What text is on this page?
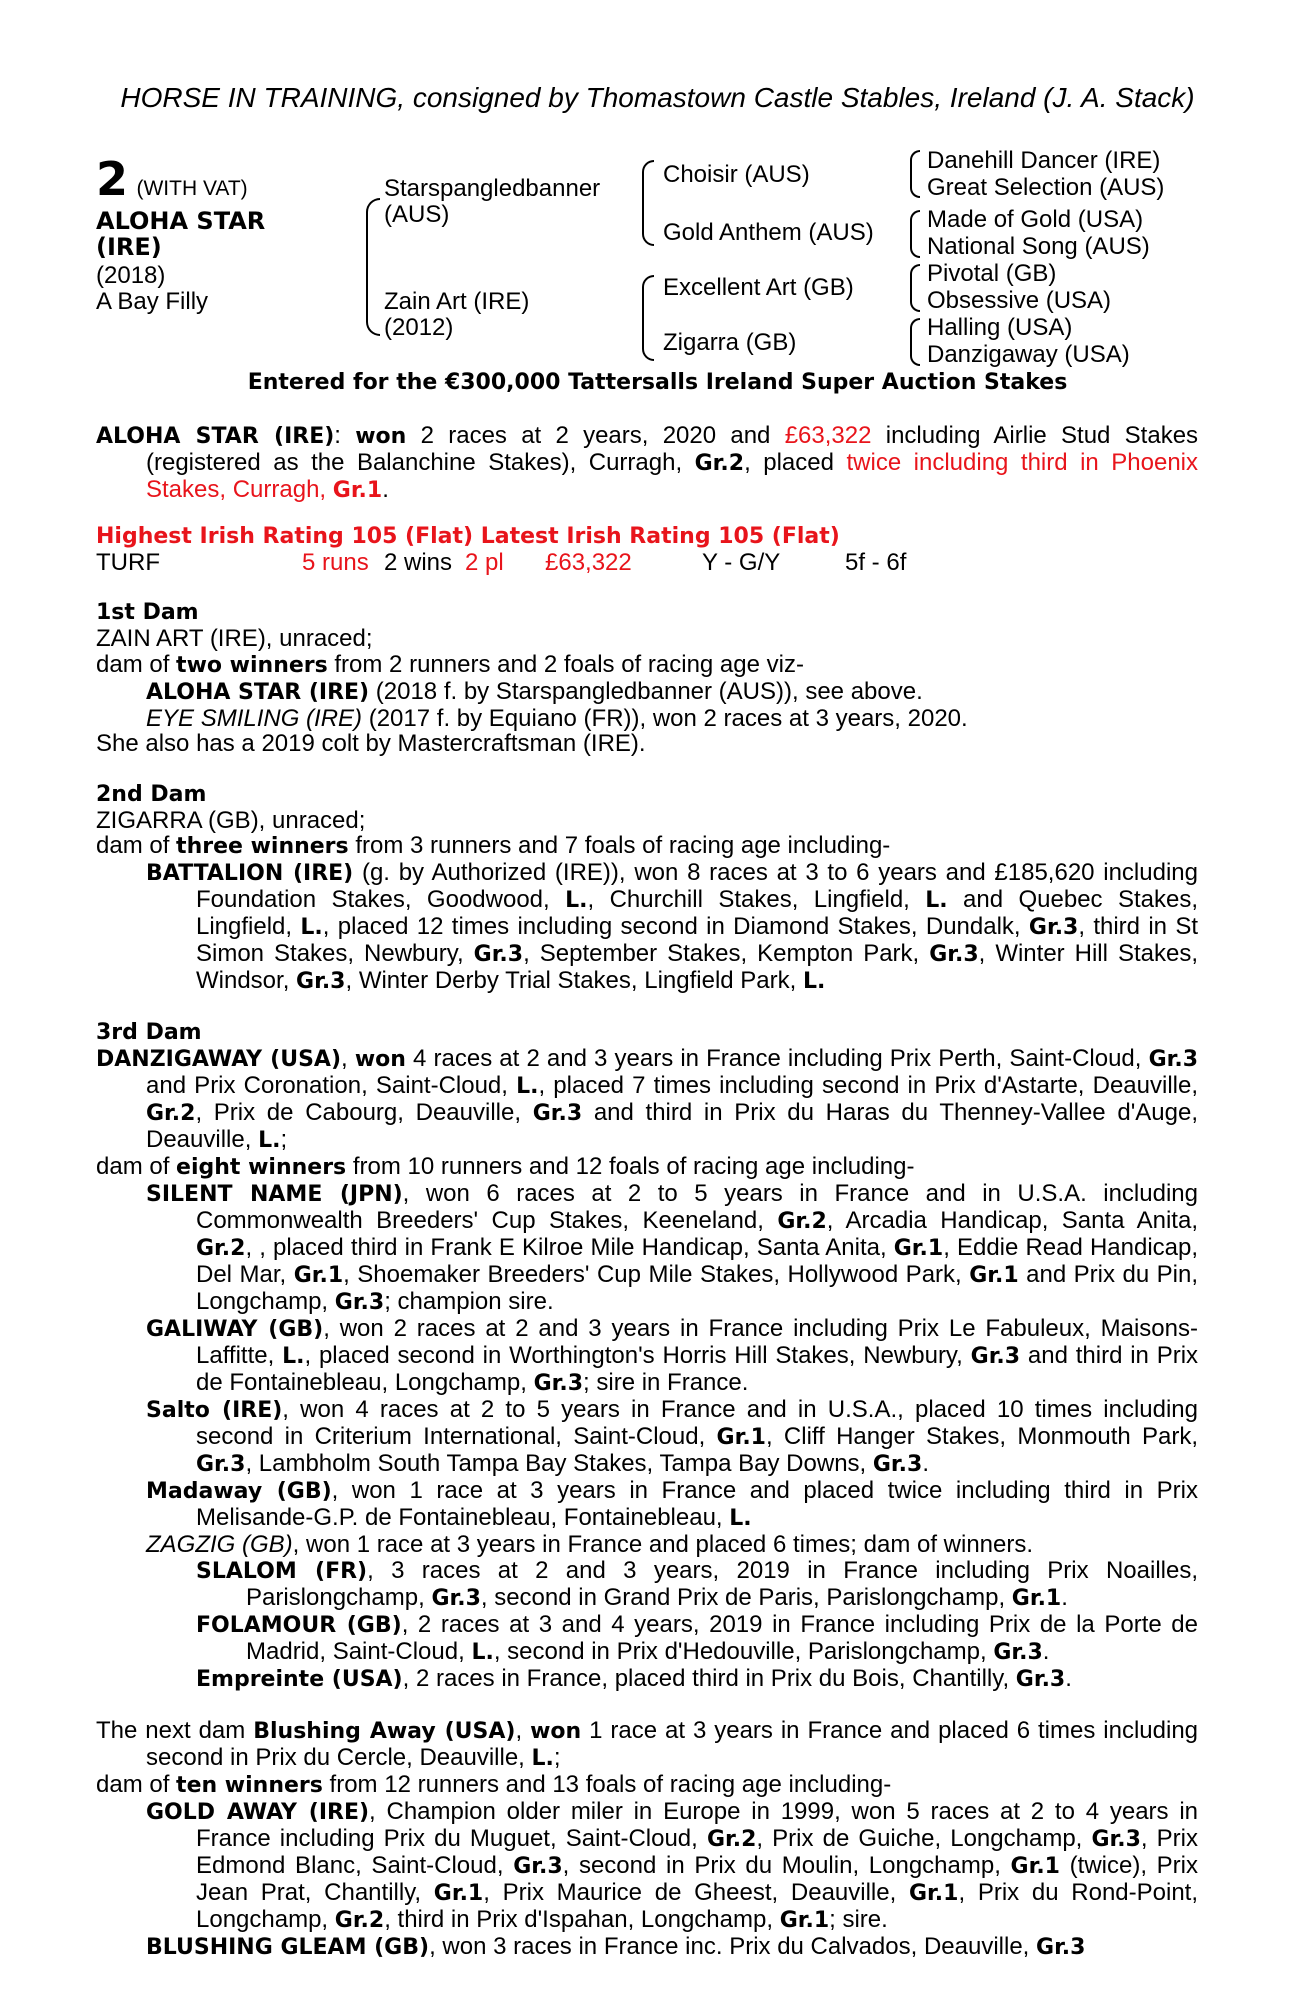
HORSE IN TRAINING, consigned by Thomastown Castle Stables, Ireland (J. A. Stack)
2 (WITH VAT)
ALOHA STAR
(IRE)
(2018)
A Bay Filly
Starspangledbanner
(AUS)
Zain Art (IRE)
(2012)
Choisir (AUS)
Gold Anthem (AUS)
Excellent Art (GB)
Zigarra (GB)
Danehill Dancer (IRE)
Great Selection (AUS)
Made of Gold (USA)
National Song (AUS)
Pivotal (GB)
Obsessive (USA)
Halling (USA)
Danzigaway (USA)
Entered for the €300,000 Tattersalls Ireland Super Auction Stakes

ALOHA STAR (IRE): won 2 races at 2 years, 2020 and £63,322 including Airlie Stud Stakes (registered as the Balanchine Stakes), Curragh, Gr.2, placed twice including third in Phoenix Stakes, Curragh, Gr.1.

Highest Irish Rating 105 (Flat) Latest Irish Rating 105 (Flat)
TURF	5 runs 2 wins 2 pl £63,322	Y - G/Y	5f - 6f

1st Dam

ZAIN ART (IRE), unraced;

dam of two winners from 2 runners and 2 foals of racing age viz-

ALOHA STAR (IRE) (2018 f. by Starspangledbanner (AUS)), see above.

EYE SMILING (IRE) (2017 f. by Equiano (FR)), won 2 races at 3 years, 2020.

She also has a 2019 colt by Mastercraftsman (IRE).

2nd Dam

ZIGARRA (GB), unraced;

dam of three winners from 3 runners and 7 foals of racing age including-

BATTALION (IRE) (g. by Authorized (IRE)), won 8 races at 3 to 6 years and £185,620 including Foundation Stakes, Goodwood, L., Churchill Stakes, Lingfield, L. and Quebec Stakes, Lingfield, L., placed 12 times including second in Diamond Stakes, Dundalk, Gr.3, third in St Simon Stakes, Newbury, Gr.3, September Stakes, Kempton Park, Gr.3, Winter Hill Stakes, Windsor, Gr.3, Winter Derby Trial Stakes, Lingfield Park, L.

3rd Dam

DANZIGAWAY (USA), won 4 races at 2 and 3 years in France including Prix Perth, Saint-Cloud, Gr.3 and Prix Coronation, Saint-Cloud, L., placed 7 times including second in Prix d'Astarte, Deauville, Gr.2, Prix de Cabourg, Deauville, Gr.3 and third in Prix du Haras du Thenney-Vallee d'Auge, Deauville, L.;

dam of eight winners from 10 runners and 12 foals of racing age including-

SILENT NAME (JPN), won 6 races at 2 to 5 years in France and in U.S.A. including Commonwealth Breeders' Cup Stakes, Keeneland, Gr.2, Arcadia Handicap, Santa Anita, Gr.2, , placed third in Frank E Kilroe Mile Handicap, Santa Anita, Gr.1, Eddie Read Handicap, Del Mar, Gr.1, Shoemaker Breeders' Cup Mile Stakes, Hollywood Park, Gr.1 and Prix du Pin, Longchamp, Gr.3; champion sire.

GALIWAY (GB), won 2 races at 2 and 3 years in France including Prix Le Fabuleux, Maisons-Laffitte, L., placed second in Worthington's Horris Hill Stakes, Newbury, Gr.3 and third in Prix de Fontainebleau, Longchamp, Gr.3; sire in France.

Salto (IRE), won 4 races at 2 to 5 years in France and in U.S.A., placed 10 times including second in Criterium International, Saint-Cloud, Gr.1, Cliff Hanger Stakes, Monmouth Park, Gr.3, Lambholm South Tampa Bay Stakes, Tampa Bay Downs, Gr.3.

Madaway (GB), won 1 race at 3 years in France and placed twice including third in Prix Melisande-G.P. de Fontainebleau, Fontainebleau, L.

ZAGZIG (GB), won 1 race at 3 years in France and placed 6 times; dam of winners.

SLALOM (FR), 3 races at 2 and 3 years, 2019 in France including Prix Noailles, Parislongchamp, Gr.3, second in Grand Prix de Paris, Parislongchamp, Gr.1.

FOLAMOUR (GB), 2 races at 3 and 4 years, 2019 in France including Prix de la Porte de Madrid, Saint-Cloud, L., second in Prix d'Hedouville, Parislongchamp, Gr.3.

Empreinte (USA), 2 races in France, placed third in Prix du Bois, Chantilly, Gr.3.

The next dam Blushing Away (USA), won 1 race at 3 years in France and placed 6 times including second in Prix du Cercle, Deauville, L.;

dam of ten winners from 12 runners and 13 foals of racing age including-

GOLD AWAY (IRE), Champion older miler in Europe in 1999, won 5 races at 2 to 4 years in France including Prix du Muguet, Saint-Cloud, Gr.2, Prix de Guiche, Longchamp, Gr.3, Prix Edmond Blanc, Saint-Cloud, Gr.3, second in Prix du Moulin, Longchamp, Gr.1 (twice), Prix Jean Prat, Chantilly, Gr.1, Prix Maurice de Gheest, Deauville, Gr.1, Prix du Rond-Point, Longchamp, Gr.2, third in Prix d'Ispahan, Longchamp, Gr.1; sire.

BLUSHING GLEAM (GB), won 3 races in France inc. Prix du Calvados, Deauville, Gr.3
